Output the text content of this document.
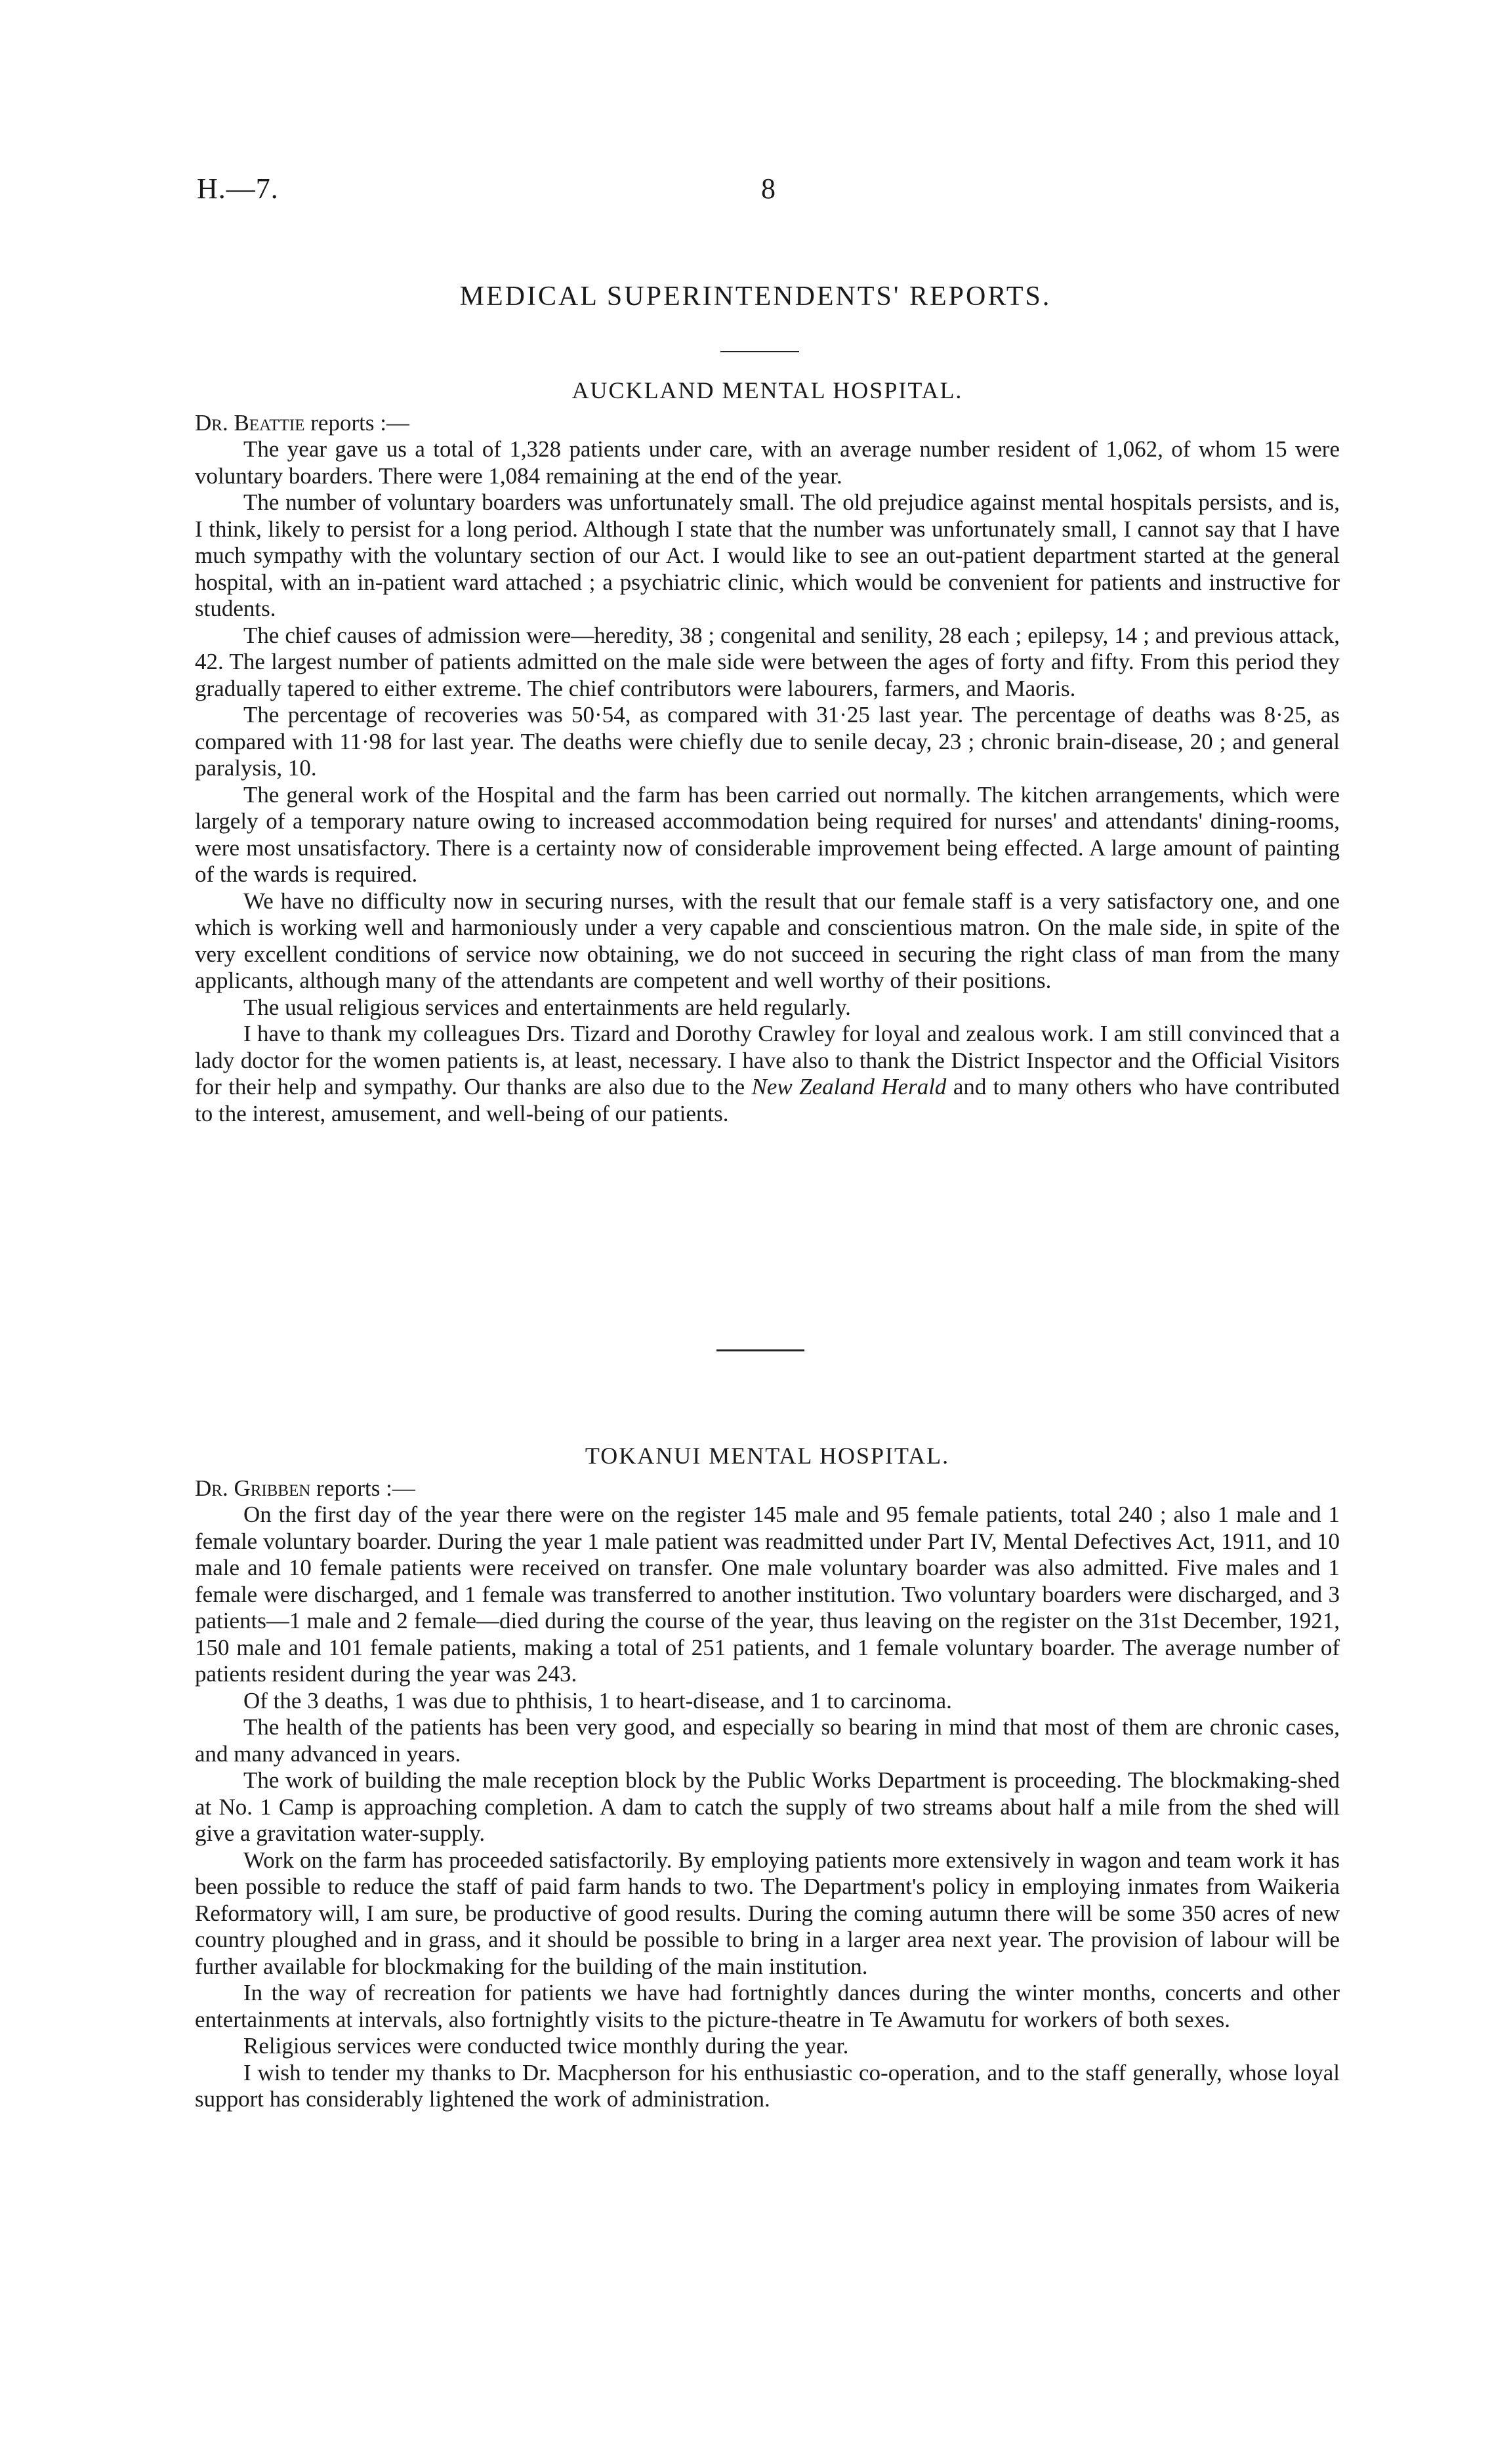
H.—7.	8
MEDICAL SUPERINTENDENTS' REPORTS.
AUCKLAND MENTAL HOSPITAL.

Dr. Beattie reports :—

The year gave us a total of 1,328 patients under care, with an average number resident of 1,062, of whom 15 were voluntary boarders. There were 1,084 remaining at the end of the year.

The number of voluntary boarders was unfortunately small. The old prejudice against mental hospitals persists, and is, I think, likely to persist for a long period. Although I state that the number was unfortunately small, I cannot say that I have much sympathy with the voluntary section of our Act. I would like to see an out-patient department started at the general hospital, with an in-patient ward attached ; a psychiatric clinic, which would be convenient for patients and instructive for students.

The chief causes of admission were—heredity, 38 ; congenital and senility, 28 each ; epilepsy, 14 ; and previous attack, 42. The largest number of patients admitted on the male side were between the ages of forty and fifty. From this period they gradually tapered to either extreme. The chief contributors were labourers, farmers, and Maoris.

The percentage of recoveries was 50·54, as compared with 31·25 last year. The percentage of deaths was 8·25, as compared with 11·98 for last year. The deaths were chiefly due to senile decay, 23 ; chronic brain-disease, 20 ; and general paralysis, 10.

The general work of the Hospital and the farm has been carried out normally. The kitchen arrangements, which were largely of a temporary nature owing to increased accommodation being required for nurses' and attendants' dining-rooms, were most unsatisfactory. There is a certainty now of considerable improvement being effected. A large amount of painting of the wards is required.

We have no difficulty now in securing nurses, with the result that our female staff is a very satisfactory one, and one which is working well and harmoniously under a very capable and conscientious matron. On the male side, in spite of the very excellent conditions of service now obtaining, we do not succeed in securing the right class of man from the many applicants, although many of the attendants are competent and well worthy of their positions.

The usual religious services and entertainments are held regularly.

I have to thank my colleagues Drs. Tizard and Dorothy Crawley for loyal and zealous work. I am still convinced that a lady doctor for the women patients is, at least, necessary. I have also to thank the District Inspector and the Official Visitors for their help and sympathy. Our thanks are also due to the New Zealand Herald and to many others who have contributed to the interest, amusement, and well-being of our patients.

TOKANUI MENTAL HOSPITAL.

Dr. Gribben reports :—

On the first day of the year there were on the register 145 male and 95 female patients, total 240 ; also 1 male and 1 female voluntary boarder. During the year 1 male patient was readmitted under Part IV, Mental Defectives Act, 1911, and 10 male and 10 female patients were received on transfer. One male voluntary boarder was also admitted. Five males and 1 female were discharged, and 1 female was transferred to another institution. Two voluntary boarders were discharged, and 3 patients—1 male and 2 female—died during the course of the year, thus leaving on the register on the 31st December, 1921, 150 male and 101 female patients, making a total of 251 patients, and 1 female voluntary boarder. The average number of patients resident during the year was 243.

Of the 3 deaths, 1 was due to phthisis, 1 to heart-disease, and 1 to carcinoma.

The health of the patients has been very good, and especially so bearing in mind that most of them are chronic cases, and many advanced in years.

The work of building the male reception block by the Public Works Department is proceeding. The blockmaking-shed at No. 1 Camp is approaching completion. A dam to catch the supply of two streams about half a mile from the shed will give a gravitation water-supply.

Work on the farm has proceeded satisfactorily. By employing patients more extensively in wagon and team work it has been possible to reduce the staff of paid farm hands to two. The Department's policy in employing inmates from Waikeria Reformatory will, I am sure, be productive of good results. During the coming autumn there will be some 350 acres of new country ploughed and in grass, and it should be possible to bring in a larger area next year. The provision of labour will be further available for blockmaking for the building of the main institution.

In the way of recreation for patients we have had fortnightly dances during the winter months, concerts and other entertainments at intervals, also fortnightly visits to the picture-theatre in Te Awamutu for workers of both sexes.

Religious services were conducted twice monthly during the year.

I wish to tender my thanks to Dr. Macpherson for his enthusiastic co-operation, and to the staff generally, whose loyal support has considerably lightened the work of administration.
